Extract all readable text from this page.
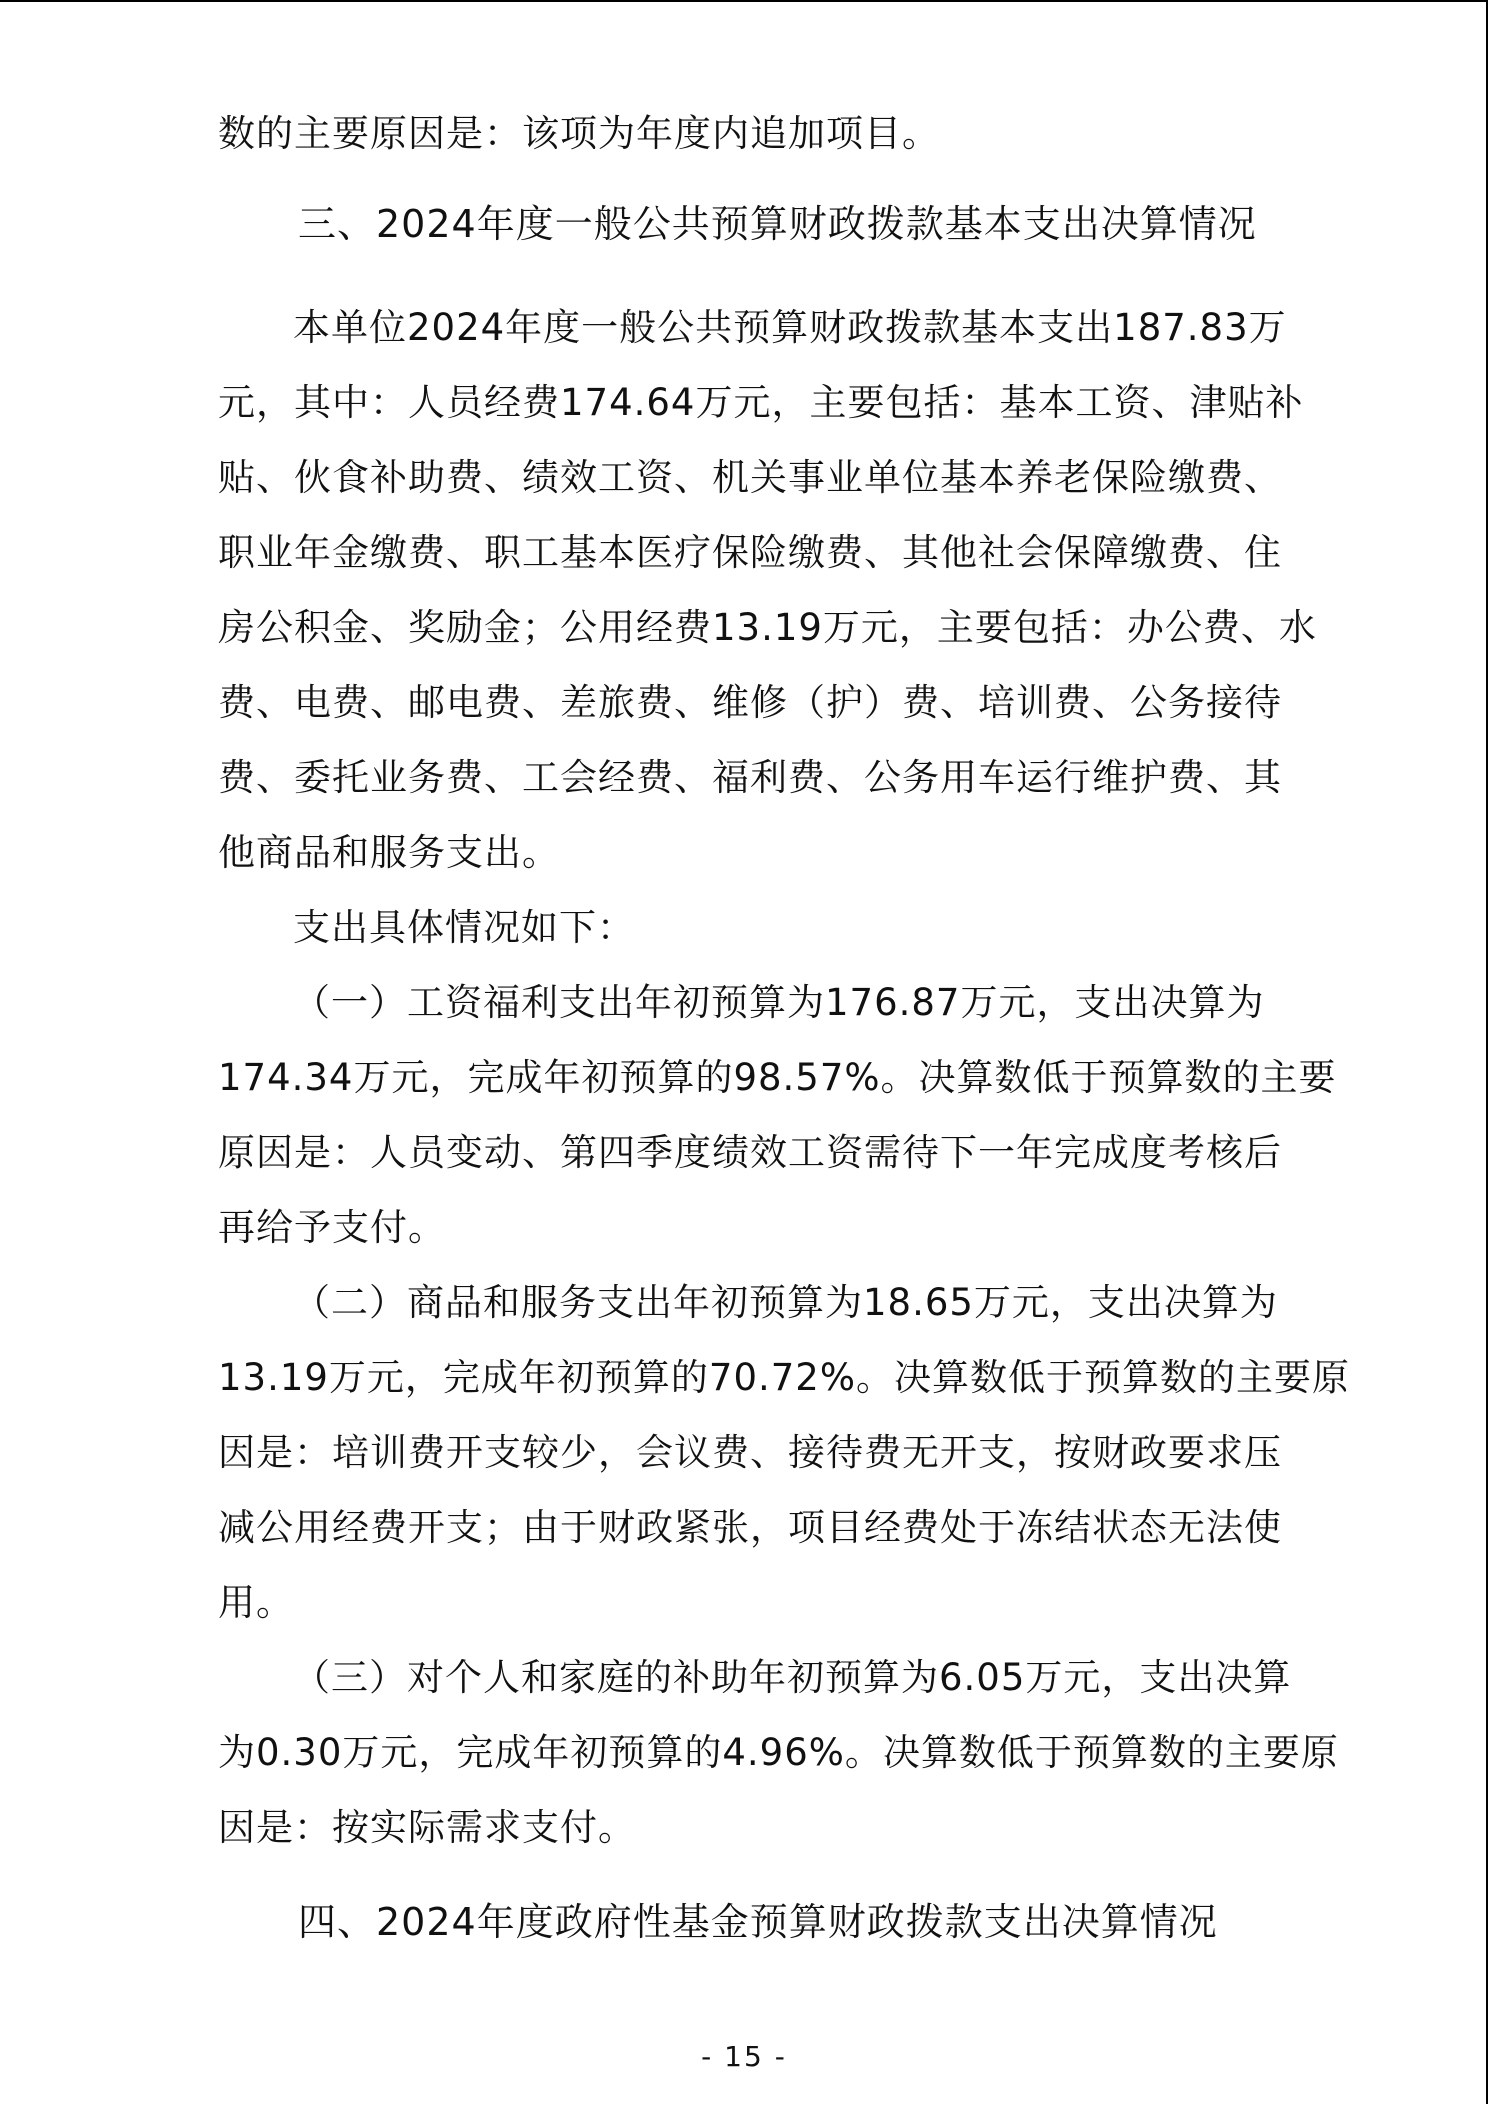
数的主要原因是：该项为年度内追加项目。
三、2024年度一般公共预算财政拨款基本支出决算情况
本单位2024年度一般公共预算财政拨款基本支出187.83万
元，其中：人员经费174.64万元，主要包括：基本工资、津贴补
贴、伙食补助费、绩效工资、机关事业单位基本养老保险缴费、
职业年金缴费、职工基本医疗保险缴费、其他社会保障缴费、住
房公积金、奖励金；公用经费13.19万元，主要包括：办公费、水
费、电费、邮电费、差旅费、维修（护）费、培训费、公务接待
费、委托业务费、工会经费、福利费、公务用车运行维护费、其
他商品和服务支出。
支出具体情况如下：
（一）工资福利支出年初预算为176.87万元，支出决算为
174.34万元，完成年初预算的98.57%。决算数低于预算数的主要
原因是：人员变动、第四季度绩效工资需待下一年完成度考核后
再给予支付。
（二）商品和服务支出年初预算为18.65万元，支出决算为
13.19万元，完成年初预算的70.72%。决算数低于预算数的主要原
因是：培训费开支较少，会议费、接待费无开支，按财政要求压
减公用经费开支；由于财政紧张，项目经费处于冻结状态无法使
用。
（三）对个人和家庭的补助年初预算为6.05万元，支出决算
为0.30万元，完成年初预算的4.96%。决算数低于预算数的主要原
因是：按实际需求支付。
四、2024年度政府性基金预算财政拨款支出决算情况
- 15 -
